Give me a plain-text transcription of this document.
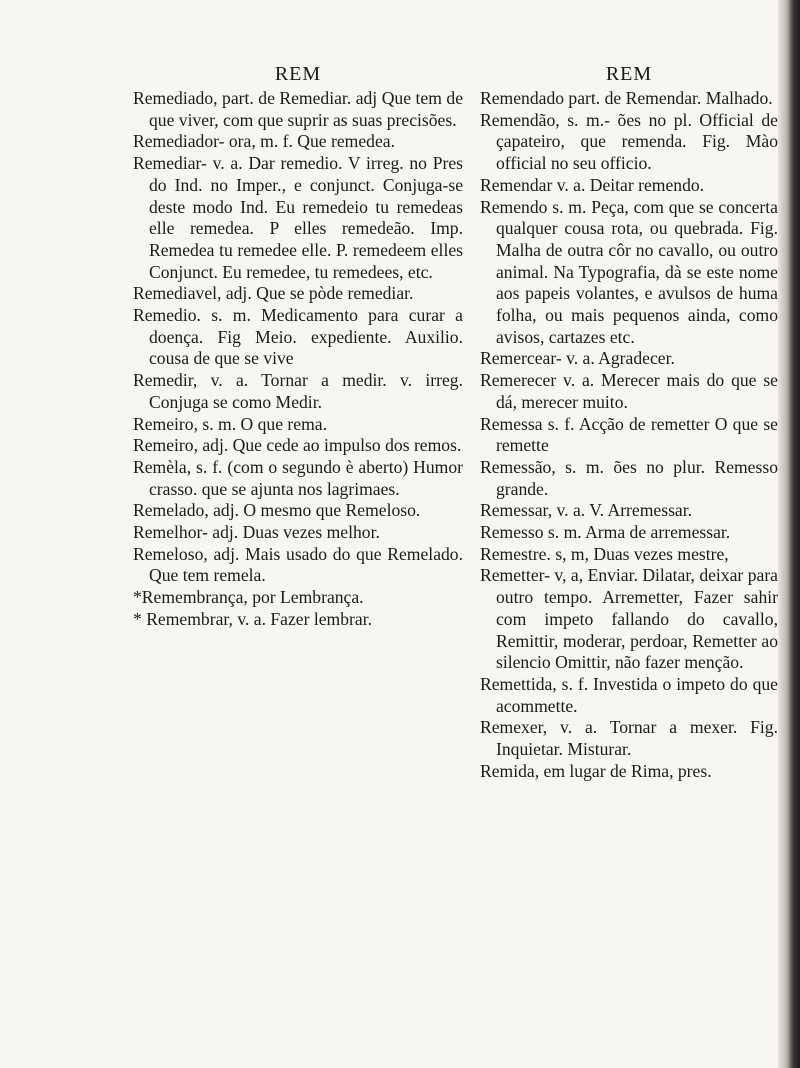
REM

Remediado, part. de Remediar. adj Que tem de que viver, com que suprir as suas precisões.

Remediador- ora, m. f. Que remedea.

Remediar- v. a. Dar remedio. V irreg. no Pres do Ind. no Imper., e conjunct. Conjuga-se deste modo Ind. Eu remedeio tu remedeas elle remedea. P elles remedeão. Imp. Remedea tu remedee elle. P. remedeem elles Conjunct. Eu remedee, tu remedees, etc.

Remediavel, adj. Que se pòde remediar.

Remedio. s. m. Medicamento para curar a doença. Fig Meio. expediente. Auxilio. cousa de que se vive

Remedir, v. a. Tornar a medir. v. irreg. Conjuga se como Medir.

Remeiro, s. m. O que rema.

Remeiro, adj. Que cede ao impulso dos remos.

Remèla, s. f. (com o segundo è aberto) Humor crasso. que se ajunta nos lagrimaes.

Remelado, adj. O mesmo que Remeloso.

Remelhor- adj. Duas vezes melhor.

Remeloso, adj. Mais usado do que Remelado. Que tem remela.

*Remembrança, por Lembrança.

* Remembrar, v. a. Fazer lembrar.

REM

Remendado part. de Remendar. Malhado.

Remendão, s. m.- ões no pl. Official de çapateiro, que remenda. Fig. Mào official no seu officio.

Remendar v. a. Deitar remendo.

Remendo s. m. Peça, com que se concerta qualquer cousa rota, ou quebrada. Fig. Malha de outra côr no cavallo, ou outro animal. Na Typografia, dà se este nome aos papeis volantes, e avulsos de huma folha, ou mais pequenos ainda, como avisos, cartazes etc.

Remercear- v. a. Agradecer.

Remerecer v. a. Merecer mais do que se dá, merecer muito.

Remessa s. f. Acção de remetter O que se remette

Remessão, s. m. ões no plur. Remesso grande.

Remessar, v. a. V. Arremessar.

Remesso s. m. Arma de arremessar.

Remestre. s, m, Duas vezes mestre,

Remetter- v, a, Enviar. Dilatar, deixar para outro tempo. Arremetter, Fazer sahir com impeto fallando do cavallo, Remittir, moderar, perdoar, Remetter ao silencio Omittir, não fazer menção.

Remettida, s. f. Investida o impeto do que acommette.

Remexer, v. a. Tornar a mexer. Fig. Inquietar. Misturar.

Remida, em lugar de Rima, pres.
